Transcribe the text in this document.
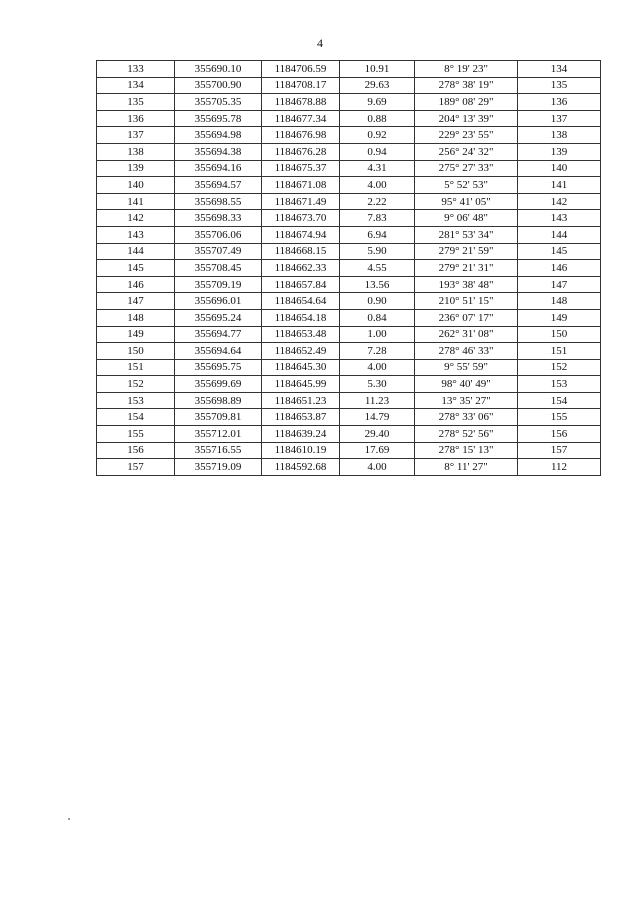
4
133	355690.10	1184706.59	10.91	8° 19' 23"	134
134	355700.90	1184708.17	29.63	278° 38' 19"	135
135	355705.35	1184678.88	9.69	189° 08' 29"	136
136	355695.78	1184677.34	0.88	204° 13' 39"	137
137	355694.98	1184676.98	0.92	229° 23' 55"	138
138	355694.38	1184676.28	0.94	256° 24' 32"	139
139	355694.16	1184675.37	4.31	275° 27' 33"	140
140	355694.57	1184671.08	4.00	5° 52' 53"	141
141	355698.55	1184671.49	2.22	95° 41' 05"	142
142	355698.33	1184673.70	7.83	9° 06' 48"	143
143	355706.06	1184674.94	6.94	281° 53' 34"	144
144	355707.49	1184668.15	5.90	279° 21' 59"	145
145	355708.45	1184662.33	4.55	279° 21' 31"	146
146	355709.19	1184657.84	13.56	193° 38' 48"	147
147	355696.01	1184654.64	0.90	210° 51' 15"	148
148	355695.24	1184654.18	0.84	236° 07' 17"	149
149	355694.77	1184653.48	1.00	262° 31' 08"	150
150	355694.64	1184652.49	7.28	278° 46' 33"	151
151	355695.75	1184645.30	4.00	9° 55' 59"	152
152	355699.69	1184645.99	5.30	98° 40' 49"	153
153	355698.89	1184651.23	11.23	13° 35' 27"	154
154	355709.81	1184653.87	14.79	278° 33' 06"	155
155	355712.01	1184639.24	29.40	278° 52' 56"	156
156	355716.55	1184610.19	17.69	278° 15' 13"	157
157	355719.09	1184592.68	4.00	8° 11' 27"	112
